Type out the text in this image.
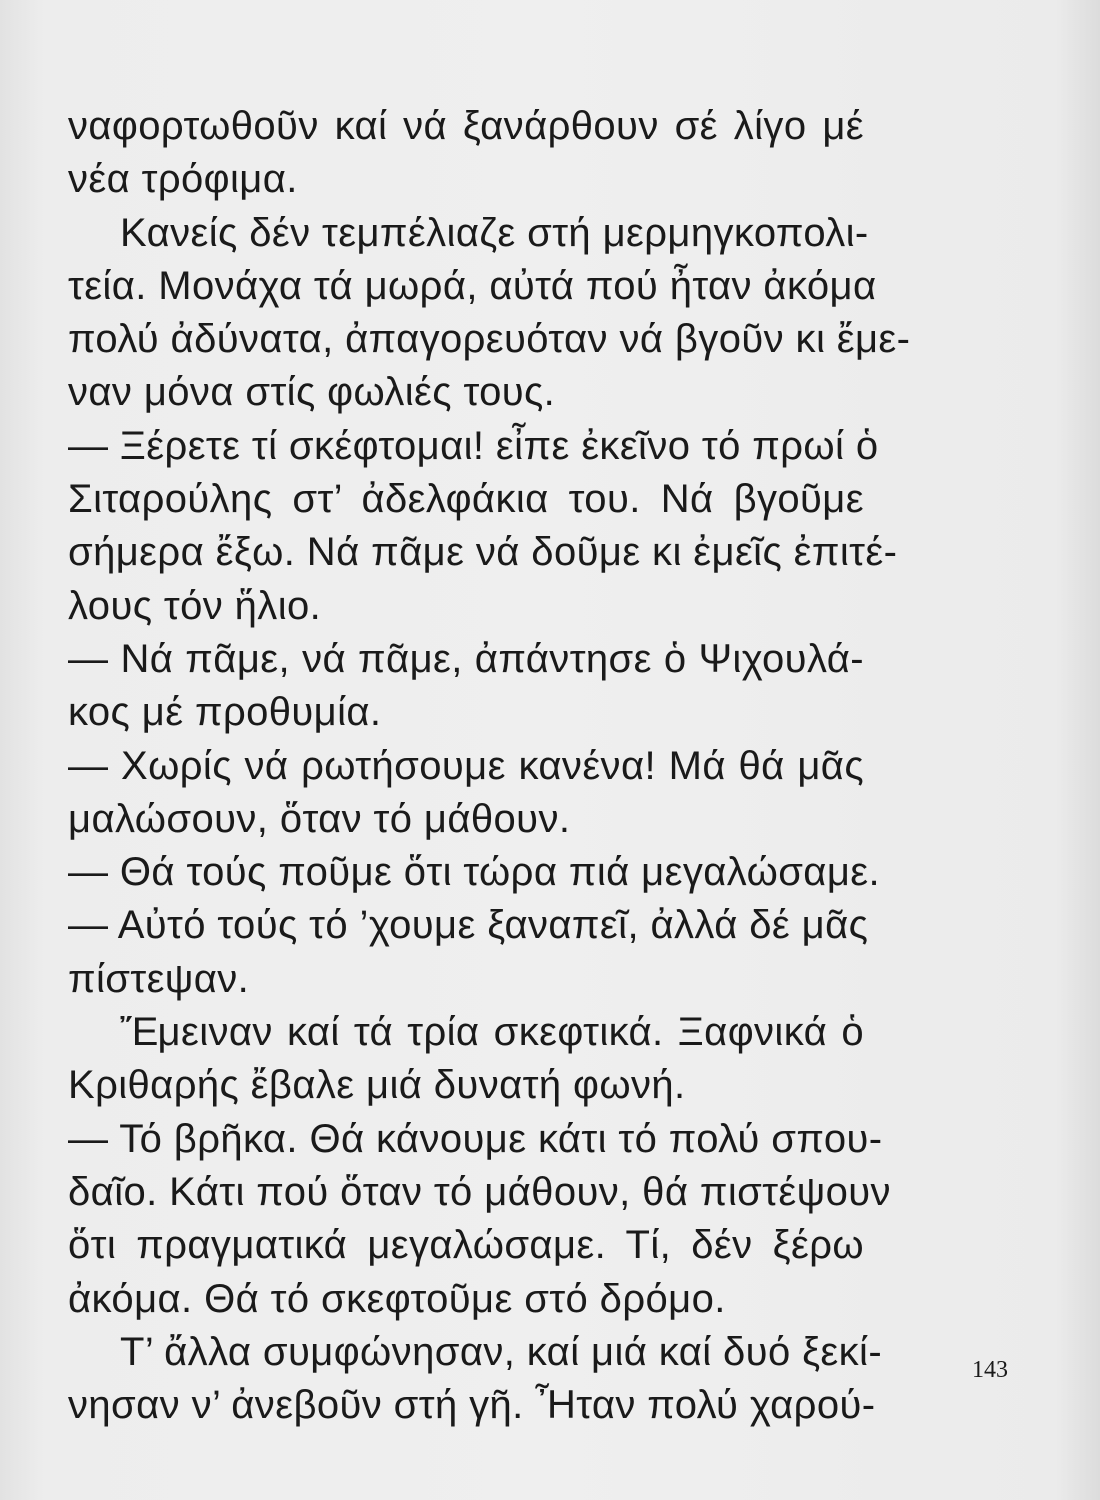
ναφορτωθοῦν καί νά ξανάρθουν σέ λίγο μέ
νέα τρόφιμα.
Κανείς δέν τεμπέλιαζε στή μερμηγκοπολι-
τεία. Μονάχα τά μωρά, αὐτά πού ἦταν ἀκόμα
πολύ ἀδύνατα, ἀπαγορευόταν νά βγοῦν κι ἔμε-
ναν μόνα στίς φωλιές τους.
— Ξέρετε τί σκέφτομαι! εἶπε ἐκεῖνο τό πρωί ὁ
Σιταρούλης στ’ ἀδελφάκια του. Νά βγοῦμε
σήμερα ἔξω. Νά πᾶμε νά δοῦμε κι ἐμεῖς ἐπιτέ-
λους τόν ἥλιο.
— Νά πᾶμε, νά πᾶμε, ἀπάντησε ὁ Ψιχουλά-
κος μέ προθυμία.
— Χωρίς νά ρωτήσουμε κανένα! Μά θά μᾶς
μαλώσουν, ὅταν τό μάθουν.
— Θά τούς ποῦμε ὅτι τώρα πιά μεγαλώσαμε.
— Αὐτό τούς τό ’χουμε ξαναπεῖ, ἀλλά δέ μᾶς
πίστεψαν.
Ἔμειναν καί τά τρία σκεφτικά. Ξαφνικά ὁ
Κριθαρής ἔβαλε μιά δυνατή φωνή.
— Τό βρῆκα. Θά κάνουμε κάτι τό πολύ σπου-
δαῖο. Κάτι πού ὅταν τό μάθουν, θά πιστέψουν
ὅτι πραγματικά μεγαλώσαμε. Τί, δέν ξέρω
ἀκόμα. Θά τό σκεφτοῦμε στό δρόμο.
Τ’ ἄλλα συμφώνησαν, καί μιά καί δυό ξεκί-
νησαν ν’ ἀνεβοῦν στή γῆ. Ἦταν πολύ χαρού-
143
